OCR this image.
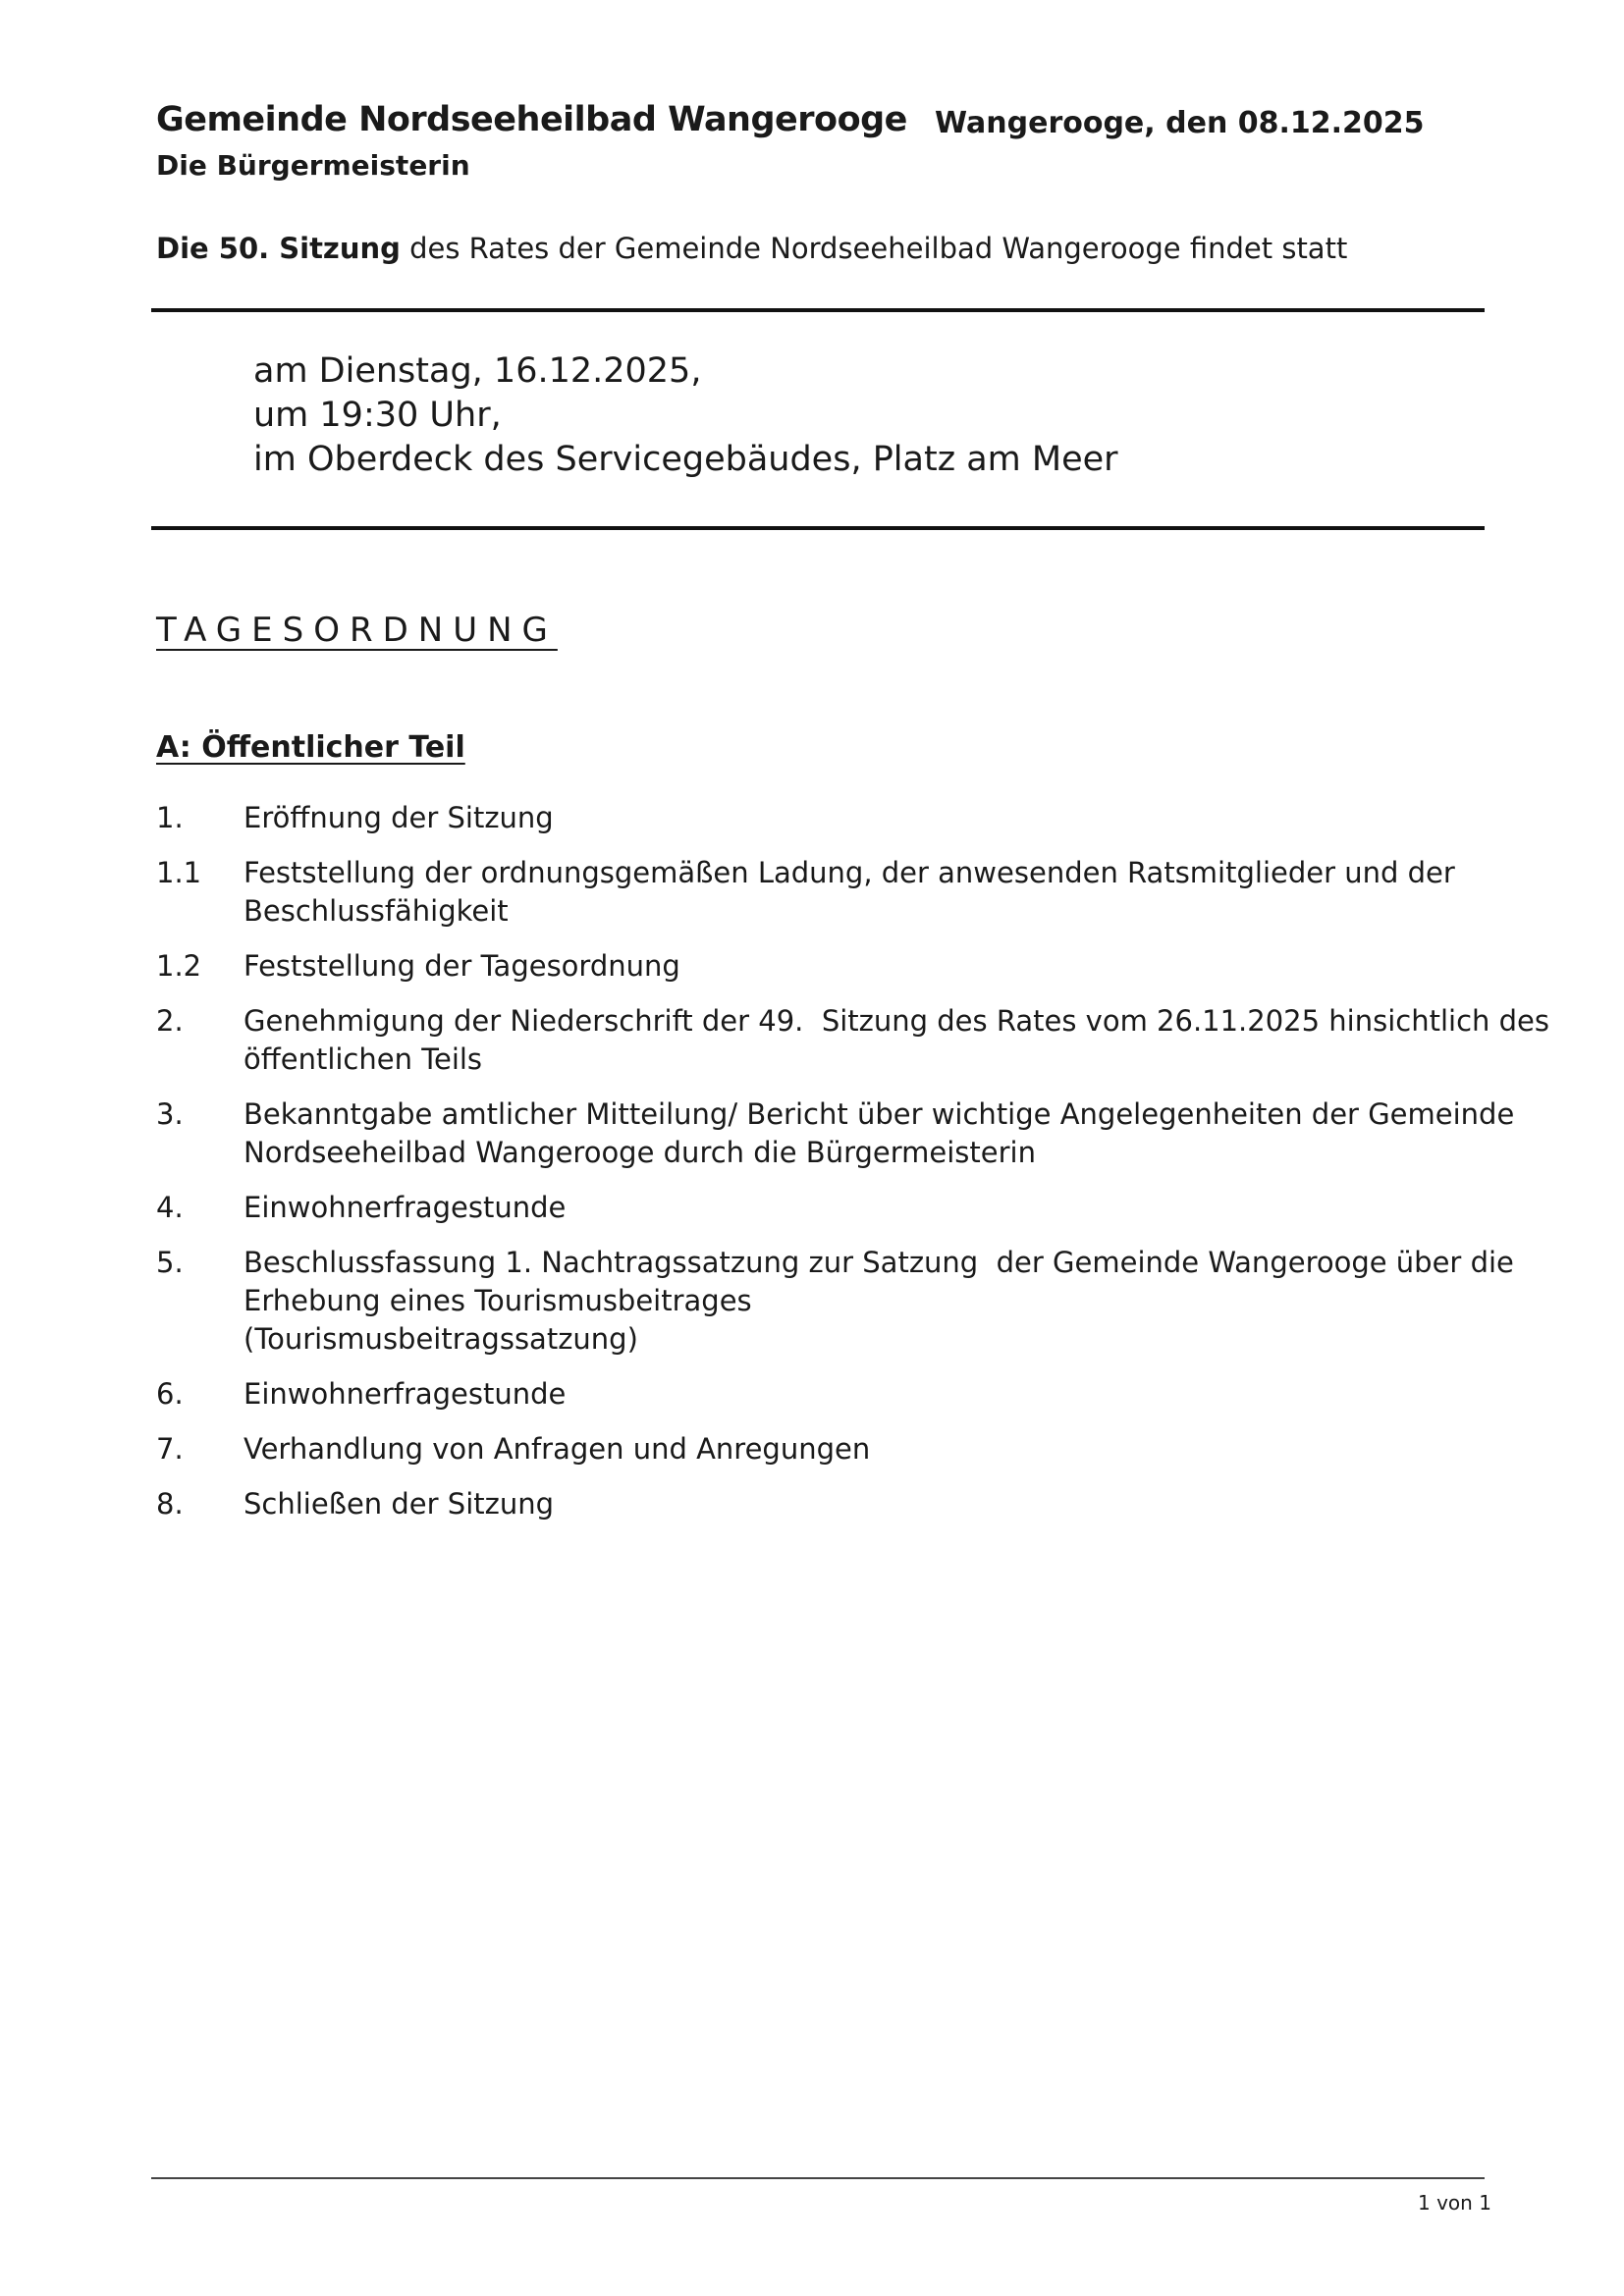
Gemeinde Nordseeheilbad Wangerooge
Die Bürgermeisterin
Wangerooge, den 08.12.2025
Die 50. Sitzung des Rates der Gemeinde Nordseeheilbad Wangerooge findet statt
am Dienstag, 16.12.2025,
um 19:30 Uhr,
im Oberdeck des Servicegebäudes, Platz am Meer
TAGESORDNUNG
A: Öffentlicher Teil
1.	Eröffnung der Sitzung
1.1	Feststellung der ordnungsgemäßen Ladung, der anwesenden Ratsmitglieder und der
Beschlussfähigkeit
1.2	Feststellung der Tagesordnung
2.	Genehmigung der Niederschrift der 49.  Sitzung des Rates vom 26.11.2025 hinsichtlich des
öffentlichen Teils
3.	Bekanntgabe amtlicher Mitteilung/ Bericht über wichtige Angelegenheiten der Gemeinde
Nordseeheilbad Wangerooge durch die Bürgermeisterin
4.	Einwohnerfragestunde
5.	Beschlussfassung 1. Nachtragssatzung zur Satzung  der Gemeinde Wangerooge über die
Erhebung eines Tourismusbeitrages
(Tourismusbeitragssatzung)
6.	Einwohnerfragestunde
7.	Verhandlung von Anfragen und Anregungen
8.	Schließen der Sitzung
1 von 1
